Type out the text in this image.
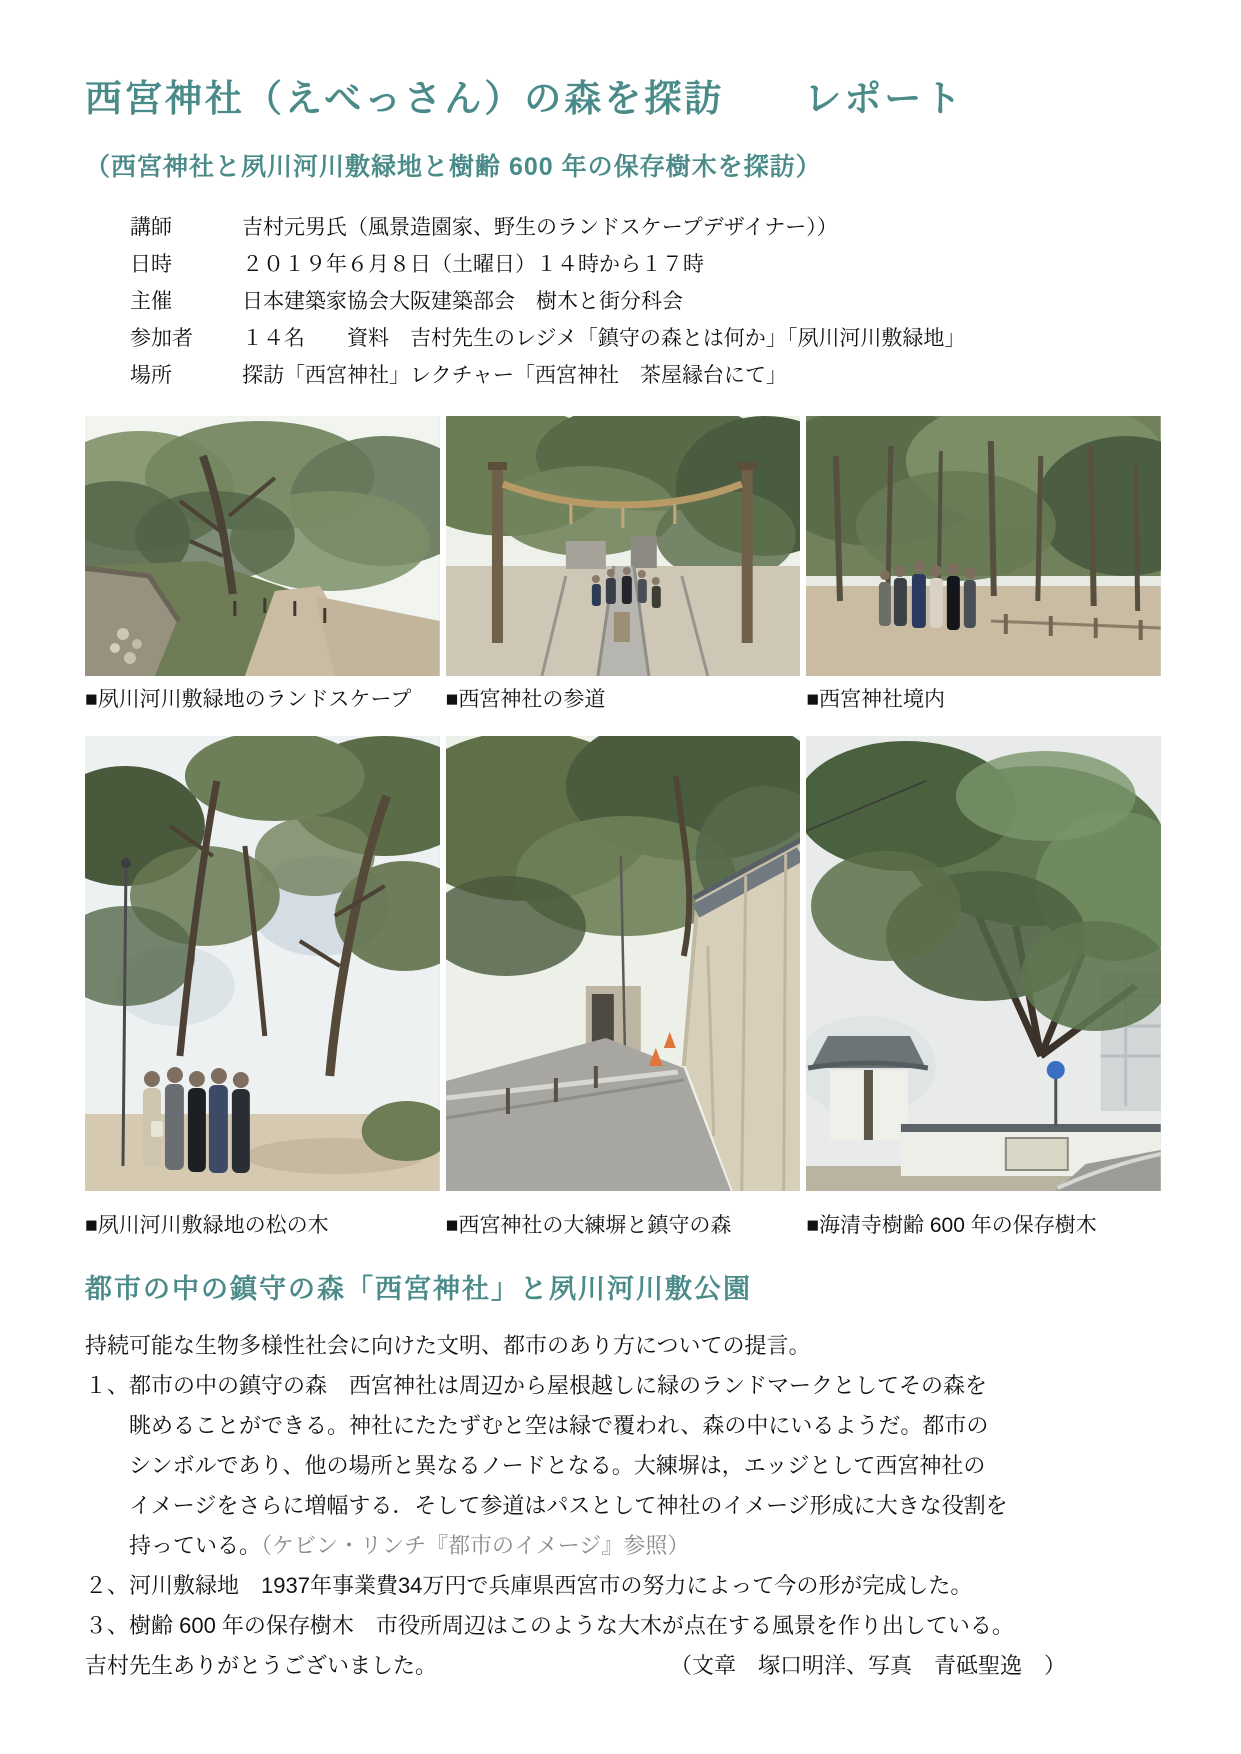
西宮神社（えべっさん）の森を探訪　　レポート
（西宮神社と夙川河川敷緑地と樹齢 600 年の保存樹木を探訪）
講師	吉村元男氏（風景造園家、野生のランドスケープデザイナー））
日時	２０１９年６月８日（土曜日）１４時から１７時
主催	日本建築家協会大阪建築部会　樹木と街分科会
参加者	１４名　　資料　吉村先生のレジメ「鎮守の森とは何か」「夙川河川敷緑地」
場所	探訪「西宮神社」レクチャー「西宮神社　茶屋縁台にて」
■夙川河川敷緑地のランドスケープ	■西宮神社の参道	■西宮神社境内
■夙川河川敷緑地の松の木	■西宮神社の大練塀と鎮守の森	■海清寺樹齢 600 年の保存樹木
都市の中の鎮守の森「西宮神社」と夙川河川敷公園
持続可能な生物多様性社会に向けた文明、都市のあり方についての提言。
１、都市の中の鎮守の森　西宮神社は周辺から屋根越しに緑のランドマークとしてその森を
眺めることができる。神社にたたずむと空は緑で覆われ、森の中にいるようだ。都市の
シンボルであり、他の場所と異なるノードとなる。大練塀は，エッジとして西宮神社の
イメージをさらに増幅する．そして参道はパスとして神社のイメージ形成に大きな役割を
持っている。（ケビン・リンチ『都市のイメージ』参照）
２、河川敷緑地　1937年事業費34万円で兵庫県西宮市の努力によって今の形が完成した。
３、樹齢 600 年の保存樹木　市役所周辺はこのような大木が点在する風景を作り出している。
吉村先生ありがとうございました。	（文章　塚口明洋、写真　青砥聖逸　）
